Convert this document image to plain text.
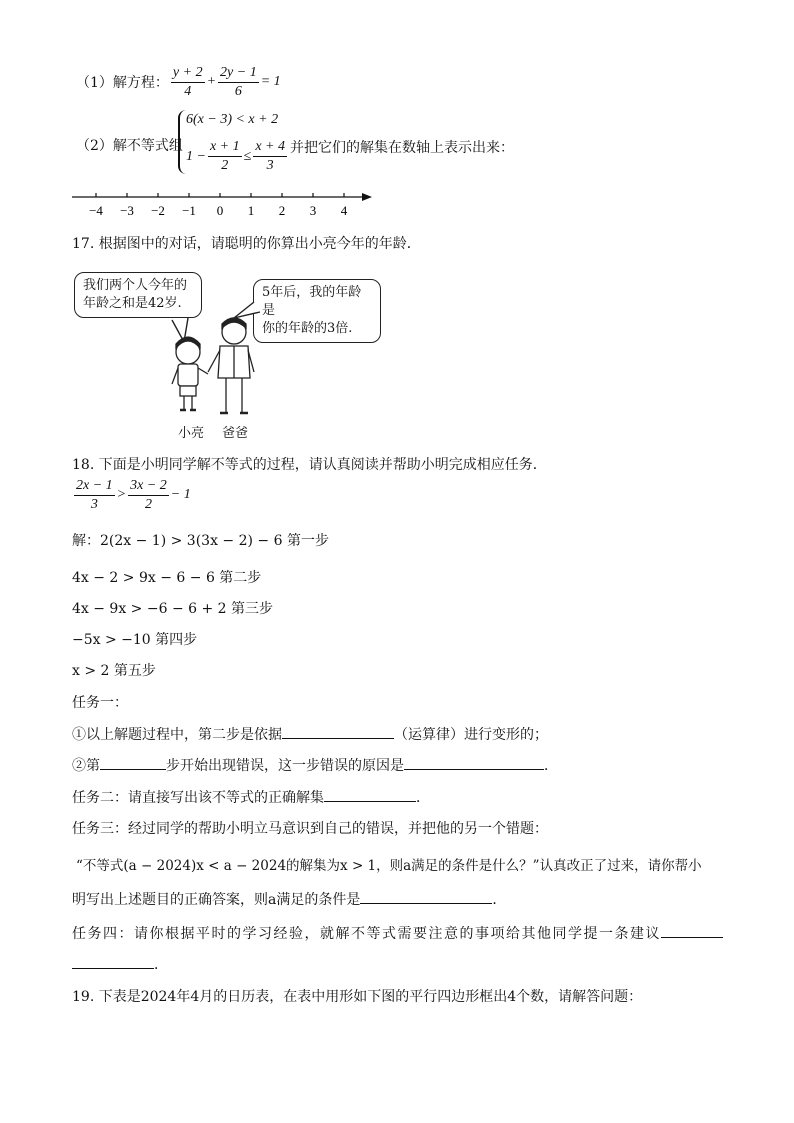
（1）解方程： $\frac{y + 2}{4} + \frac{2y - 1}{6} = 1$
（2）解不等式组
6(x − 3) < x + 2
$1 - \frac{x + 1}{2} \le \frac{x + 4}{3}$ 并把它们的解集在数轴上表示出来：
−4 −3 −2 −1 0 1 2 3 4
17. 根据图中的对话，请聪明的你算出小亮今年的年龄．
我们两个人今年的
年龄之和是42岁.
5年后，我的年龄是
你的年龄的3倍.
小亮 爸爸
18. 下面是小明同学解不等式的过程，请认真阅读并帮助小明完成相应任务．
$\frac{2x - 1}{3} > \frac{3x - 2}{2} - 1$
解：2(2x − 1) > 3(3x − 2) − 6 第一步
4x − 2 > 9x − 6 − 6 第二步
4x − 9x > −6 − 6 + 2 第三步
−5x > −10 第四步
x > 2 第五步
任务一：
①以上解题过程中，第二步是依据	（运算律）进行变形的；
②第	步开始出现错误，这一步错误的原因是	．
任务二：请直接写出该不等式的正确解集	．
任务三：经过同学的帮助小明立马意识到自己的错误，并把他的另一个错题：
“不等式(a − 2024)x < a − 2024的解集为x > 1，则a满足的条件是什么？”认真改正了过来，请你帮小
明写出上述题目的正确答案，则a满足的条件是	．
任务四：请你根据平时的学习经验，就解不等式需要注意的事项给其他同学提一条建议
．
19. 下表是2024年4月的日历表，在表中用形如下图的平行四边形框出4个数，请解答问题：
